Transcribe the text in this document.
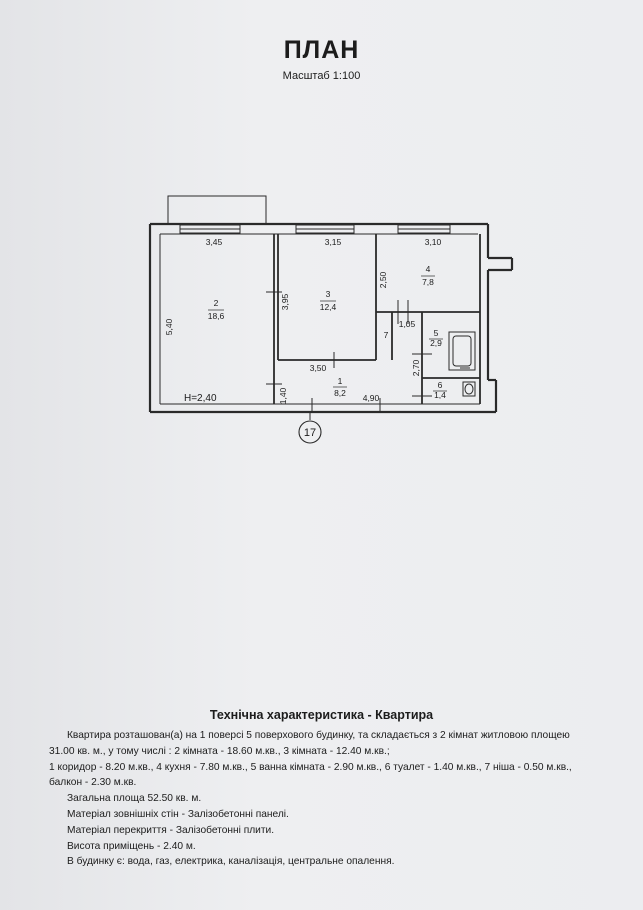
ПЛАН
Масштаб 1:100
2
18,6
3
12,4
4
7,8
1
8,2
5
2,9
6
1,4
3,45	3,15	3,10
5,40
3,95
2,50
1,05
7
3,50	2,70
1,40	4,90
H=2,40
17
Технічна характеристика - Квартира

Квартира розташован(а) на 1 поверсі 5 поверхового будинку, та складається з 2 кімнат житловою площею

31.00 кв. м., у тому числі : 2 кімната - 18.60 м.кв., 3 кімната - 12.40 м.кв.;

1 коридор - 8.20 м.кв., 4 кухня - 7.80 м.кв., 5 ванна кімната - 2.90 м.кв., 6 туалет - 1.40 м.кв., 7 ніша - 0.50 м.кв.,

балкон - 2.30 м.кв.

Загальна площа 52.50 кв. м.

Матеріал зовнішніх стін - Залізобетонні панелі.

Матеріал перекриття - Залізобетонні плити.

Висота приміщень - 2.40 м.

В будинку є: вода, газ, електрика, каналізація, центральне опалення.
